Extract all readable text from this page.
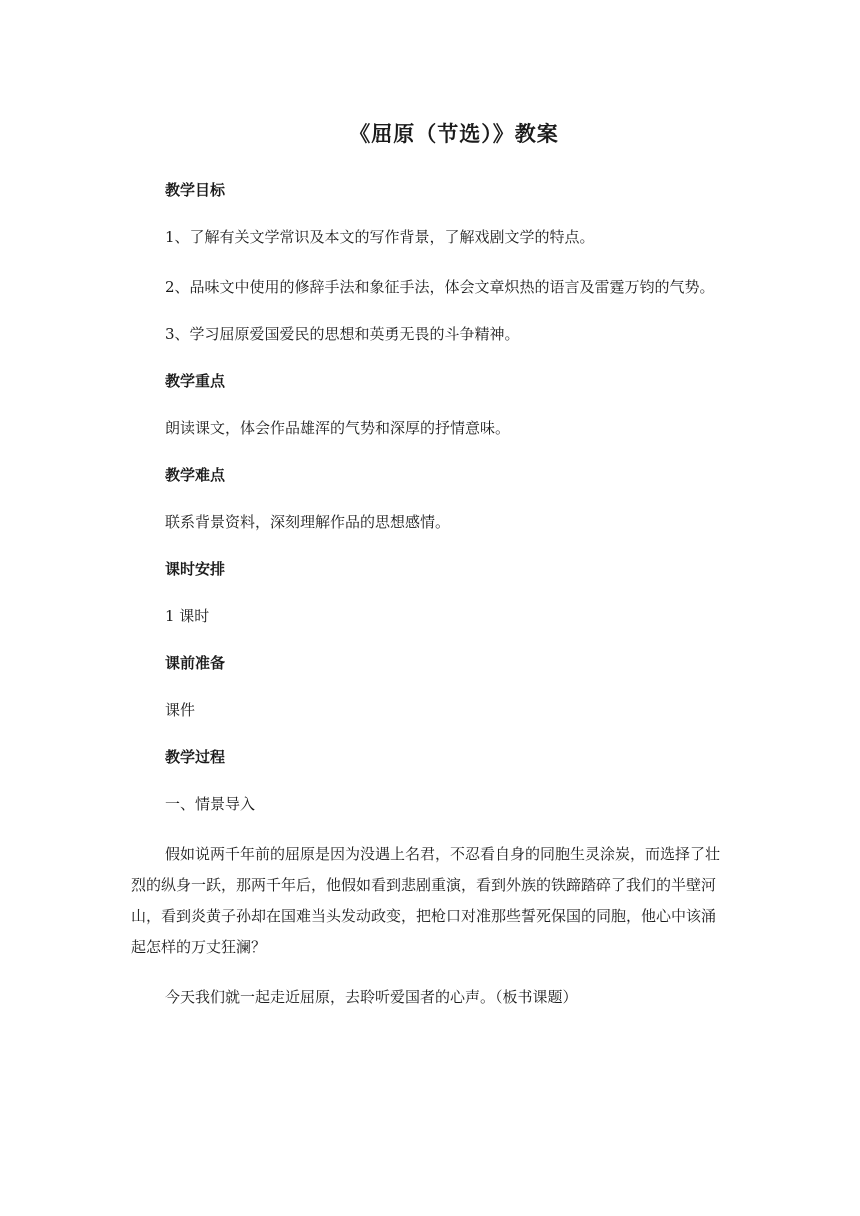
《屈原（节选）》教案
教学目标

1、了解有关文学常识及本文的写作背景，了解戏剧文学的特点。

2、品味文中使用的修辞手法和象征手法，体会文章炽热的语言及雷霆万钧的气势。

3、学习屈原爱国爱民的思想和英勇无畏的斗争精神。

教学重点

朗读课文，体会作品雄浑的气势和深厚的抒情意味。

教学难点

联系背景资料，深刻理解作品的思想感情。

课时安排

1 课时

课前准备

课件

教学过程

一、情景导入

假如说两千年前的屈原是因为没遇上名君，不忍看自身的同胞生灵涂炭，而选择了壮烈的纵身一跃，那两千年后，他假如看到悲剧重演，看到外族的铁蹄踏碎了我们的半壁河山，看到炎黄子孙却在国难当头发动政变，把枪口对准那些誓死保国的同胞，他心中该涌起怎样的万丈狂澜？

今天我们就一起走近屈原，去聆听爱国者的心声。（板书课题）
